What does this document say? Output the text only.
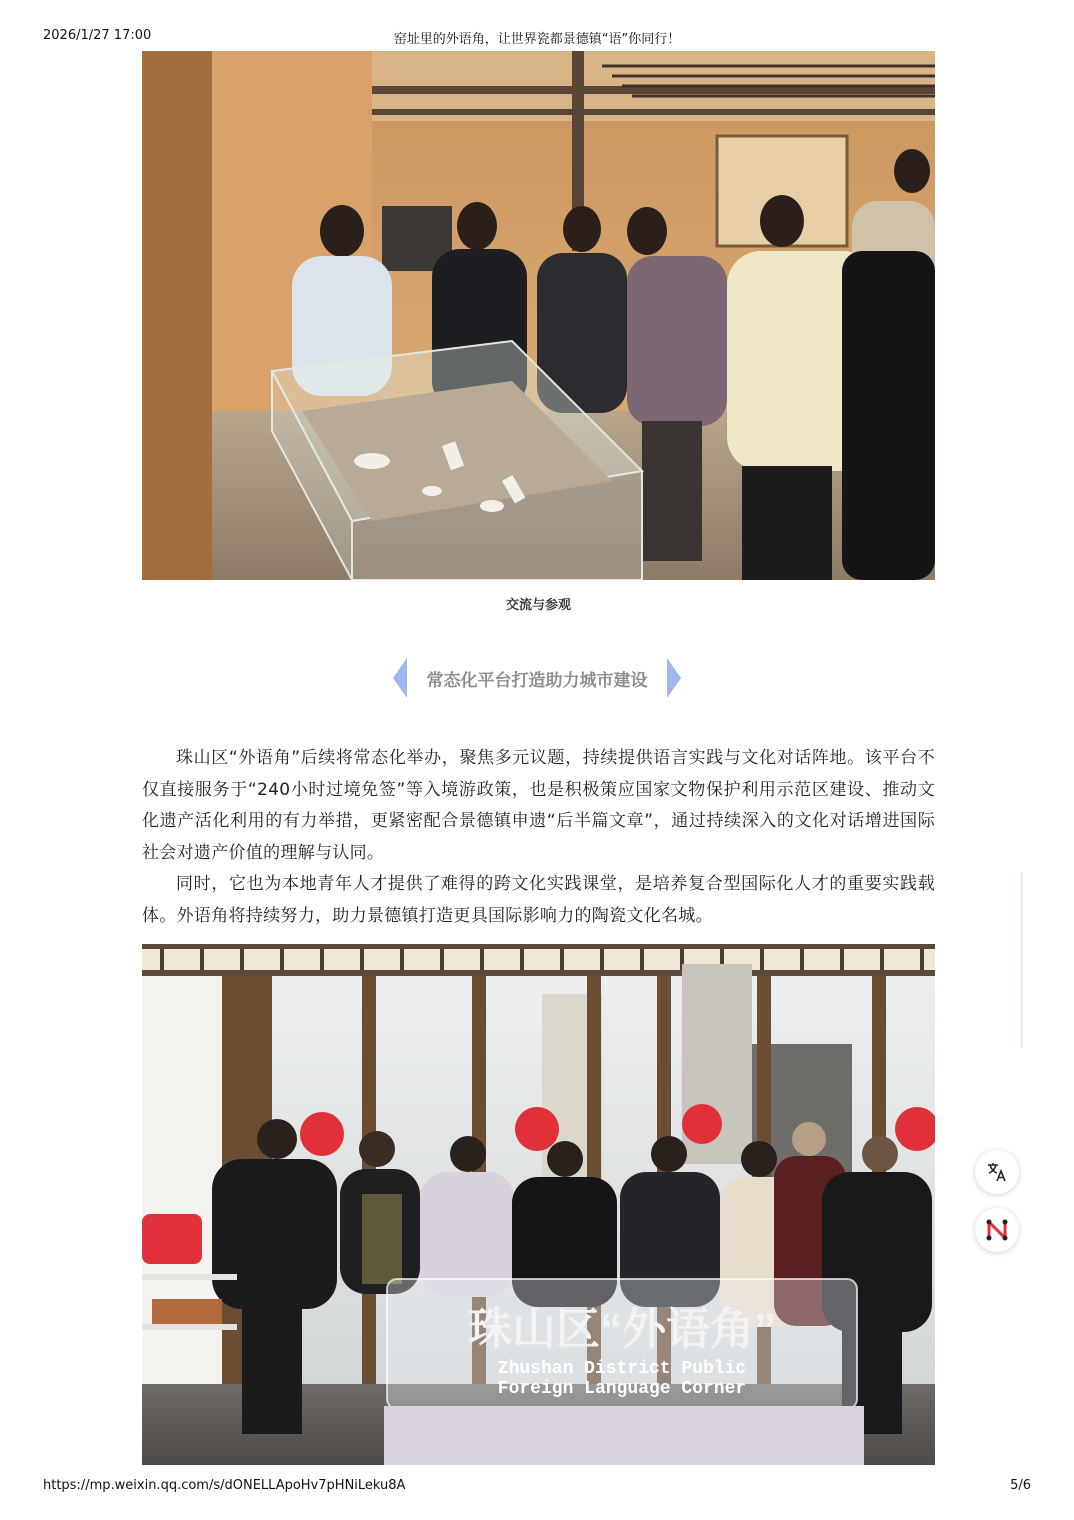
2026/1/27 17:00	窑址里的外语角，让世界瓷都景德镇“语”你同行！
交流与参观
常态化平台打造助力城市建设

珠山区“外语角”后续将常态化举办，聚焦多元议题，持续提供语言实践与文化对话阵地。该平台不仅直接服务于“240小时过境免签”等入境游政策，也是积极策应国家文物保护利用示范区建设、推动文化遗产活化利用的有力举措，更紧密配合景德镇申遗“后半篇文章”，通过持续深入的文化对话增进国际社会对遗产价值的理解与认同。

同时，它也为本地青年人才提供了难得的跨文化实践课堂，是培养复合型国际化人才的重要实践载体。外语角将持续努力，助力景德镇打造更具国际影响力的陶瓷文化名城。

珠山区“外语角”
Zhushan District Public
Foreign Language Corner
https://mp.weixin.qq.com/s/dONELLApoHv7pHNiLeku8A	5/6
